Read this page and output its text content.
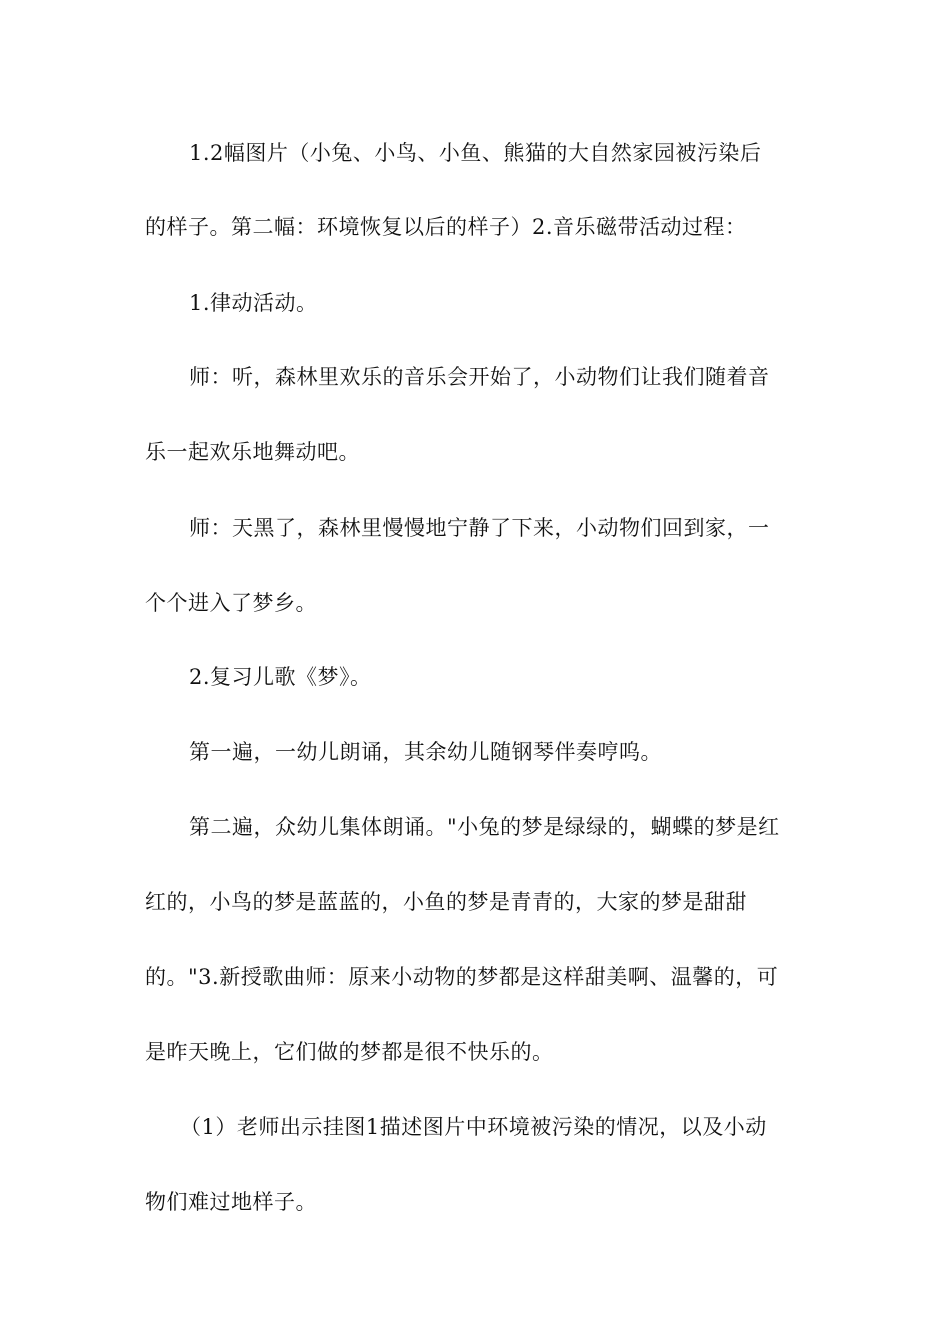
1.2幅图片（小兔、小鸟、小鱼、熊猫的大自然家园被污染后
的样子。第二幅：环境恢复以后的样子）2.音乐磁带活动过程：
1.律动活动。
师：听，森林里欢乐的音乐会开始了，小动物们让我们随着音
乐一起欢乐地舞动吧。
师：天黑了，森林里慢慢地宁静了下来，小动物们回到家，一
个个进入了梦乡。
2.复习儿歌《梦》。
第一遍，一幼儿朗诵，其余幼儿随钢琴伴奏哼呜。
第二遍，众幼儿集体朗诵。"小兔的梦是绿绿的，蝴蝶的梦是红
红的，小鸟的梦是蓝蓝的，小鱼的梦是青青的，大家的梦是甜甜
的。"3.新授歌曲师：原来小动物的梦都是这样甜美啊、温馨的，可
是昨天晚上，它们做的梦都是很不快乐的。
（1）老师出示挂图1描述图片中环境被污染的情况，以及小动
物们难过地样子。
